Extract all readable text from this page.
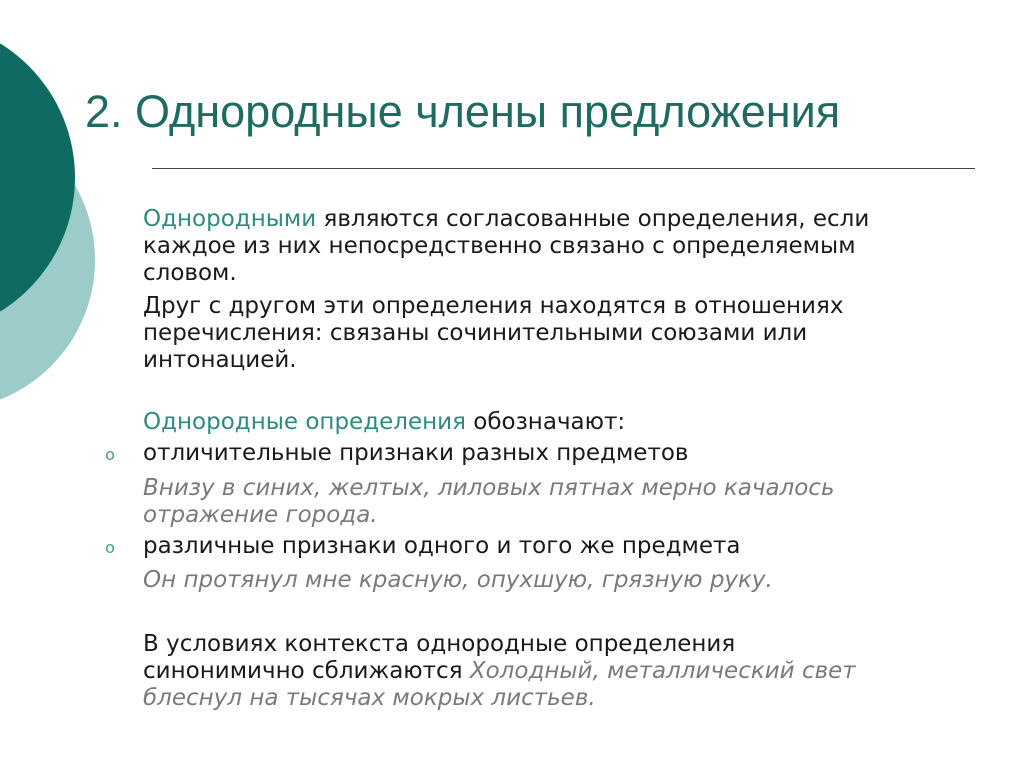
2. Однородные члены предложения
Однородными являются согласованные определения, если
каждое из них непосредственно связано с определяемым
словом.
Друг с другом эти определения находятся в отношениях
перечисления: связаны сочинительными союзами или
интонацией.
Однородные определения обозначают:
o отличительные признаки разных предметов
Внизу в синих, желтых, лиловых пятнах мерно качалось
отражение города.
o различные признаки одного и того же предмета
Он протянул мне красную, опухшую, грязную руку.
В условиях контекста однородные определения
синонимично сближаются Холодный, металлический свет
блеснул на тысячах мокрых листьев.
